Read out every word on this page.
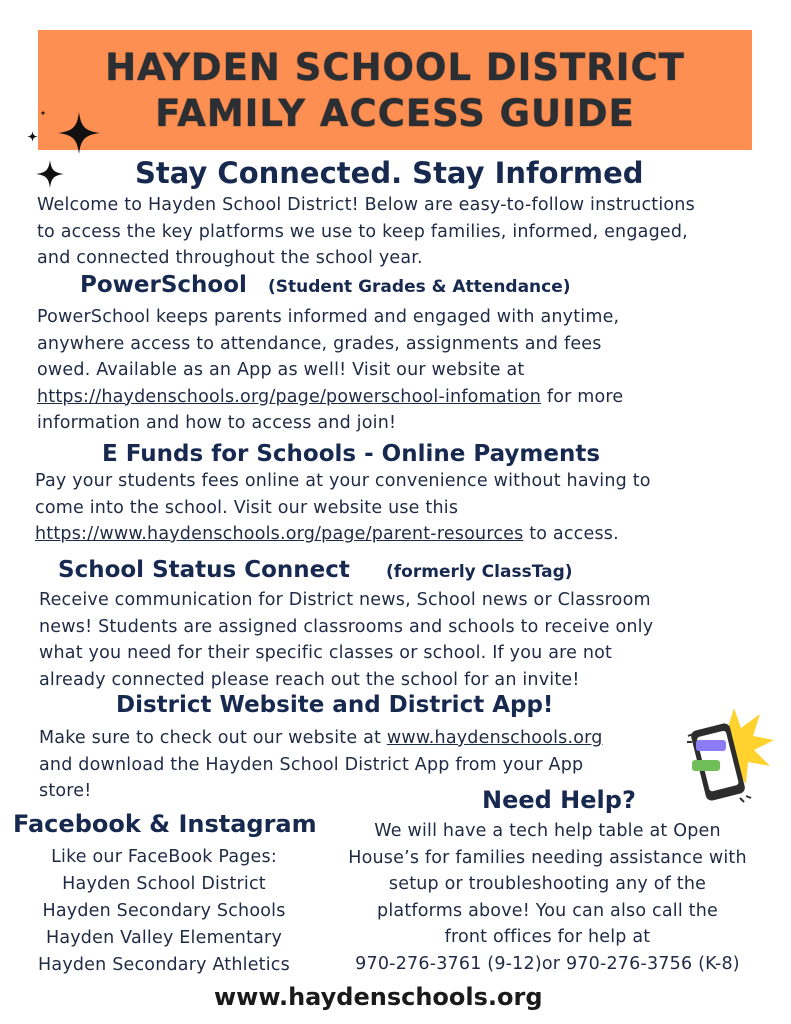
HAYDEN SCHOOL DISTRICT
FAMILY ACCESS GUIDE
Stay Connected. Stay Informed
Welcome to Hayden School District! Below are easy-to-follow instructions
to access the key platforms we use to keep families, informed, engaged,
and connected throughout the school year.
PowerSchool (Student Grades & Attendance)
PowerSchool keeps parents informed and engaged with anytime,
anywhere access to attendance, grades, assignments and fees
owed. Available as an App as well! Visit our website at
https://haydenschools.org/page/powerschool-infomation for more
information and how to access and join!
E Funds for Schools - Online Payments
Pay your students fees online at your convenience without having to
come into the school. Visit our website use this
https://www.haydenschools.org/page/parent-resources to access.
School Status Connect (formerly ClassTag)
Receive communication for District news, School news or Classroom
news! Students are assigned classrooms and schools to receive only
what you need for their specific classes or school. If you are not
already connected please reach out the school for an invite!
District Website and District App!
Make sure to check out our website at www.haydenschools.org
and download the Hayden School District App from your App
store!	Need Help?
We will have a tech help table at Open
House’s for families needing assistance with
setup or troubleshooting any of the
platforms above! You can also call the
front offices for help at
970-276-3761 (9-12)or 970-276-3756 (K-8)
Facebook & Instagram
Like our FaceBook Pages:
Hayden School District
Hayden Secondary Schools
Hayden Valley Elementary
Hayden Secondary Athletics
www.haydenschools.org
